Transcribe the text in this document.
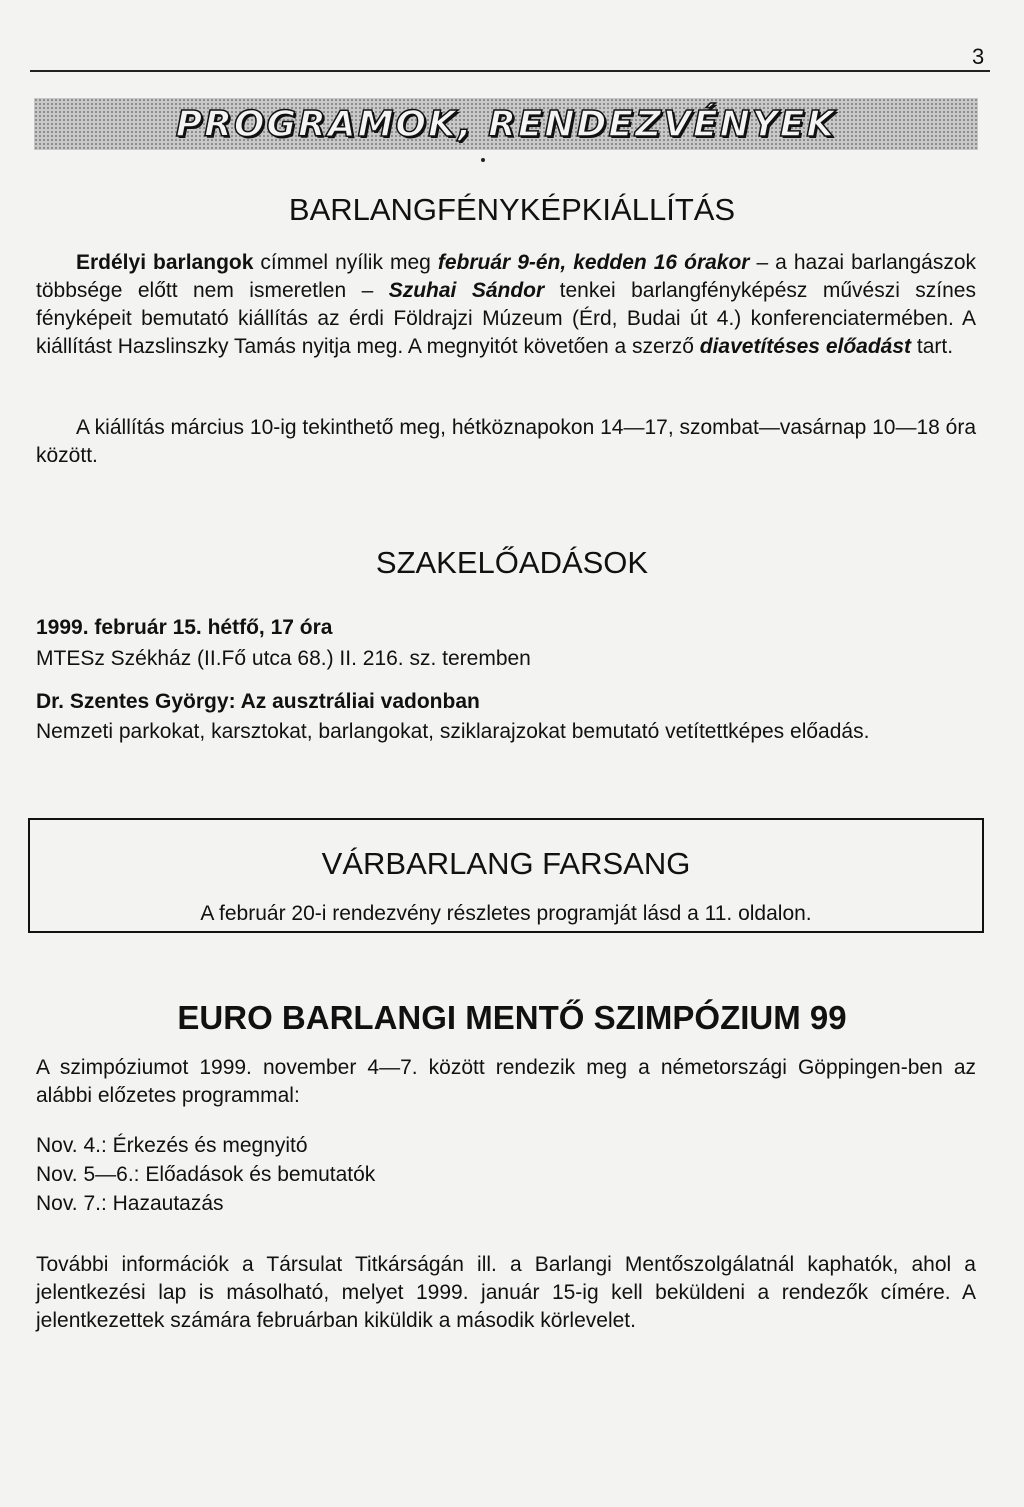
3
PROGRAMOK, RENDEZVÉNYEK
BARLANGFÉNYKÉPKIÁLLÍTÁS

Erdélyi barlangok címmel nyílik meg február 9-én, kedden 16 órakor – a hazai barlangászok többsége előtt nem ismeretlen – Szuhai Sándor tenkei barlangfényképész művészi színes fényképeit bemutató kiállítás az érdi Földrajzi Múzeum (Érd, Budai út 4.) konferenciatermében. A kiállítást Hazslinszky Tamás nyitja meg. A megnyitót követően a szerző diavetítéses előadást tart.

A kiállítás március 10-ig tekinthető meg, hétköznapokon 14—17, szombat—vasárnap 10—18 óra között.

SZAKELŐADÁSOK

1999. február 15. hétfő, 17 óra

MTESz Székház (II.Fő utca 68.) II. 216. sz. teremben

Dr. Szentes György: Az ausztráliai vadonban

Nemzeti parkokat, karsztokat, barlangokat, sziklarajzokat bemutató vetítettképes előadás.

VÁRBARLANG FARSANG

A február 20-i rendezvény részletes programját lásd a 11. oldalon.

EURO BARLANGI MENTŐ SZIMPÓZIUM 99

A szimpóziumot 1999. november 4—7. között rendezik meg a németországi Göppingen-ben az alábbi előzetes programmal:

Nov. 4.: Érkezés és megnyitó

Nov. 5—6.: Előadások és bemutatók

Nov. 7.: Hazautazás

További információk a Társulat Titkárságán ill. a Barlangi Mentőszolgálatnál kaphatók, ahol a jelentkezési lap is másolható, melyet 1999. január 15-ig kell beküldeni a rendezők címére. A jelentkezettek számára februárban kiküldik a második körlevelet.
